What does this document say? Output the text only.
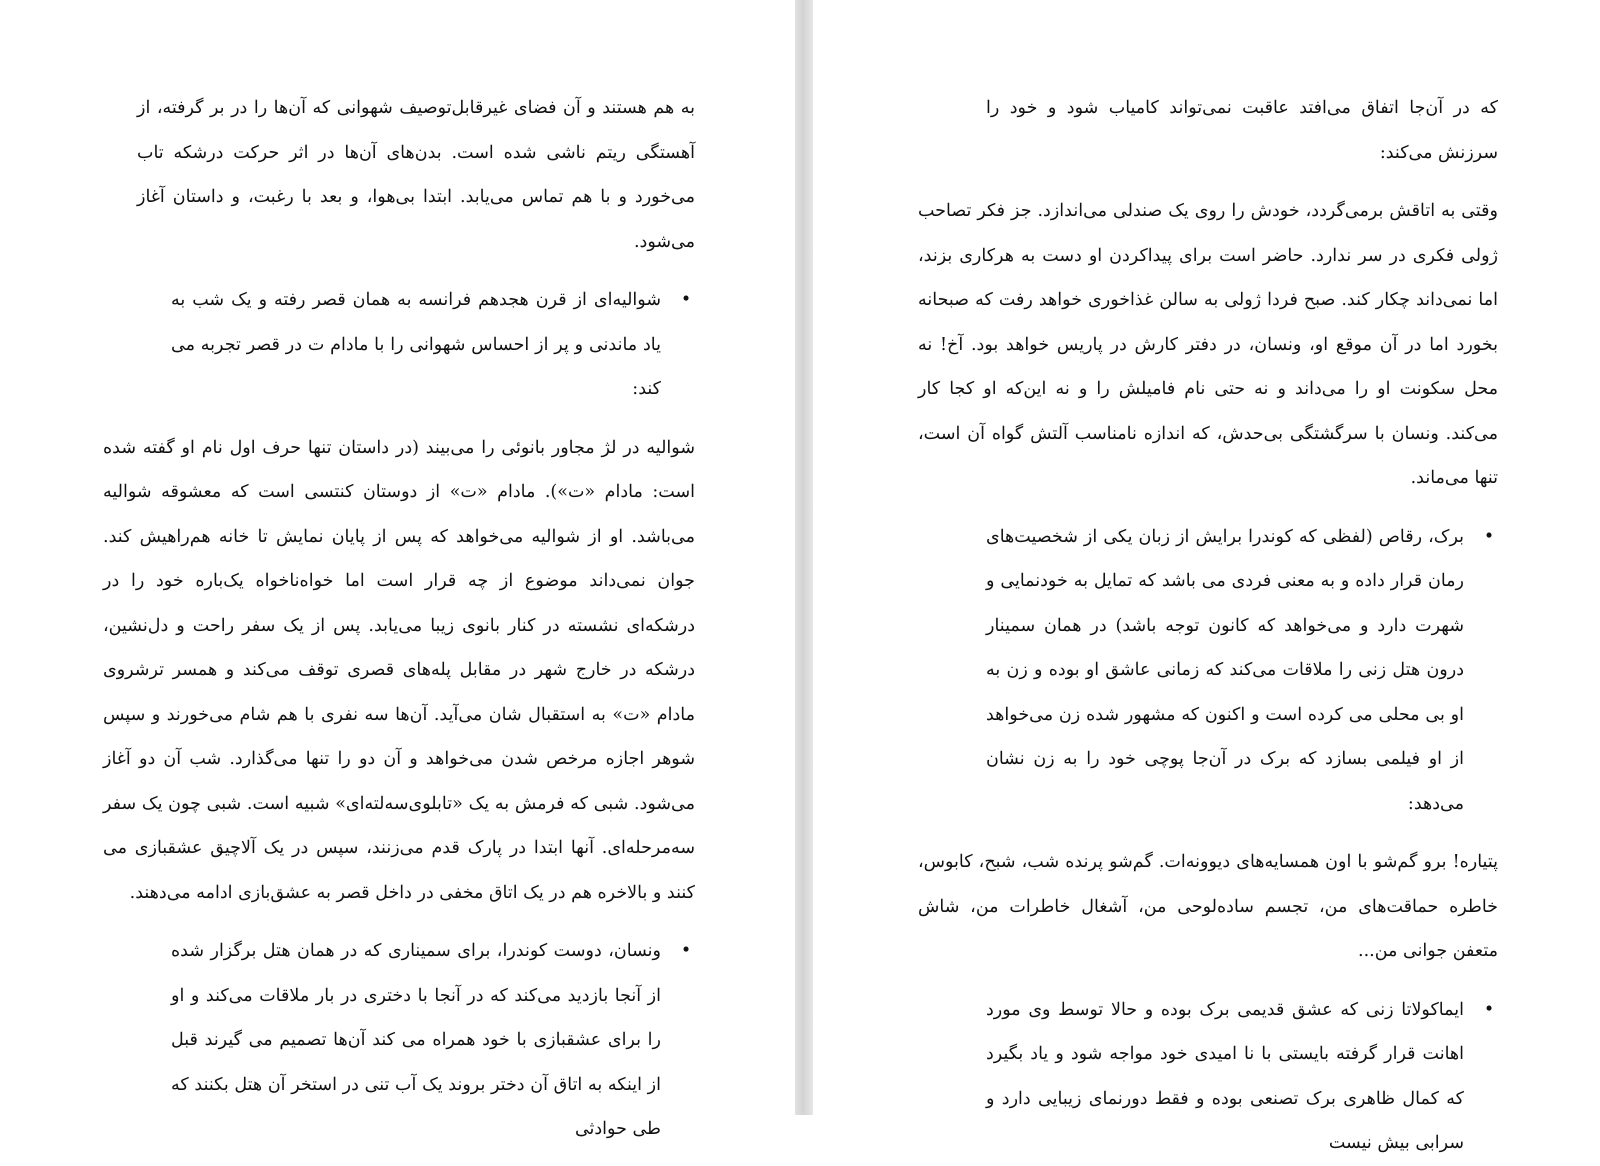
به هم هستند و آن فضای غیرقابل‌توصیف شهوانی که آن‌ها را در بر گرفته، از آهستگی ریتم ناشی شده است. بدن‌های آن‌ها در اثر حرکت درشکه تاب می‌خورد و با هم تماس می‌یابد. ابتدا بی‌هوا، و بعد با رغبت، و داستان آغاز می‌شود.

•

شوالیه‌ای از قرن هجدهم فرانسه به همان قصر رفته و یک شب به یاد ماندنی و پر از احساس شهوانی را با مادام ت در قصر تجربه می کند:

شوالیه در لژ مجاور بانوئی را می‌بیند (در داستان تنها حرف اول نام او گفته شده است: مادام «ت»). مادام «ت» از دوستان کنتسی است که معشوقه شوالیه می‌باشد. او از شوالیه می‌خواهد که پس از پایان نمایش تا خانه هم‌راهیش کند. جوان نمی‌داند موضوع از چه قرار است اما خواه‌ناخواه یک‌باره خود را در درشکه‌ای نشسته در کنار بانوی زیبا می‌یابد. پس از یک سفر راحت و دل‌نشین، درشکه در خارج شهر در مقابل پله‌های قصری توقف می‌کند و همسر ترشروی مادام «ت» به استقبال شان می‌آید. آن‌ها سه نفری با هم شام می‌خورند و سپس شوهر اجازه مرخص شدن می‌خواهد و آن دو را تنها می‌گذارد. شب آن دو آغاز می‌شود. شبی که فرمش به یک «تابلوی‌سه‌لته‌ای» شبیه است. شبی چون یک سفر سه‌مرحله‌ای. آنها ابتدا در پارک قدم می‌زنند، سپس در یک آلاچیق عشقبازی می کنند و بالاخره هم در یک اتاق مخفی در داخل قصر به عشق‌بازی ادامه می‌دهند.

•

ونسان، دوست کوندرا، برای سمیناری که در همان هتل برگزار شده از آنجا بازدید می‌کند که در آنجا با دختری در بار ملاقات می‌کند و او را برای عشقبازی با خود همراه می کند آن‌ها تصمیم می گیرند قبل از اینکه به اتاق آن دختر بروند یک آب تنی در استخر آن هتل بکنند که طی حوادثی

که در آن‌جا اتفاق می‌افتد عاقبت نمی‌تواند کامیاب شود و خود را سرزنش می‌کند:

وقتی به اتاقش برمی‌گردد، خودش را روی یک صندلی می‌اندازد. جز فکر تصاحب ژولی فکری در سر ندارد. حاضر است برای پیداکردن او دست به هرکاری بزند، اما نمی‌داند چکار کند. صبح فردا ژولی به سالن غذاخوری خواهد رفت که صبحانه بخورد اما در آن موقع او، ونسان، در دفتر کارش در پاریس خواهد بود. آخ! نه محل سکونت او را می‌داند و نه حتی نام فامیلش را و نه این‌که او کجا کار می‌کند. ونسان با سرگشتگی بی‌حدش، که اندازه نامناسب آلتش گواه آن است، تنها می‌ماند.

•

برک، رقاص (لفظی که کوندرا برایش از زبان یکی از شخصیت‌های رمان قرار داده و به معنی فردی می باشد که تمایل به خودنمایی و شهرت دارد و می‌خواهد که کانون توجه باشد) در همان سمینار درون هتل زنی را ملاقات می‌کند که زمانی عاشق او بوده و زن به او بی محلی می کرده است و اکنون که مشهور شده زن می‌خواهد از او فیلمی بسازد که برک در آن‌جا پوچی خود را به زن نشان می‌دهد:

پتیاره! برو گم‌شو با اون همسایه‌های دیوونه‌ات. گم‌شو پرنده شب، شبح، کابوس، خاطره حماقت‌های من، تجسم ساده‌لوحی من، آشغال خاطرات من، شاش متعفن جوانی من...

•

ایماکولاتا زنی که عشق قدیمی برک بوده و حالا توسط وی مورد اهانت قرار گرفته بایستی با نا امیدی خود مواجه شود و یاد بگیرد که کمال ظاهری برک تصنعی بوده و فقط دورنمای زیبایی دارد و سرابی بیش نیست
